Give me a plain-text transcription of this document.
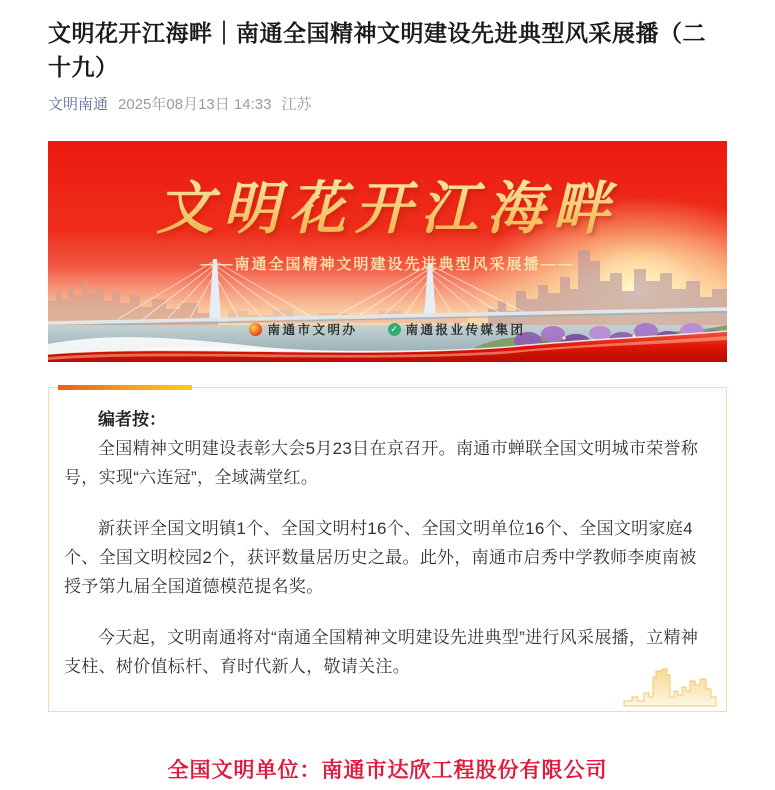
文明花开江海畔｜南通全国精神文明建设先进典型风采展播（二十九）
文明南通 2025年08月13日 14:33 江苏
——南通全国精神文明建设先进典型风采展播——
南通市文明办	✓ 南通报业传媒集团

编者按：

全国精神文明建设表彰大会5月23日在京召开。南通市蝉联全国文明城市荣誉称号，实现“六连冠”，全域满堂红。

新获评全国文明镇1个、全国文明村16个、全国文明单位16个、全国文明家庭4个、全国文明校园2个，获评数量居历史之最。此外，南通市启秀中学教师李庾南被授予第九届全国道德模范提名奖。

今天起，文明南通将对“南通全国精神文明建设先进典型”进行风采展播，立精神支柱、树价值标杆、育时代新人，敬请关注。

全国文明单位：南通市达欣工程股份有限公司
